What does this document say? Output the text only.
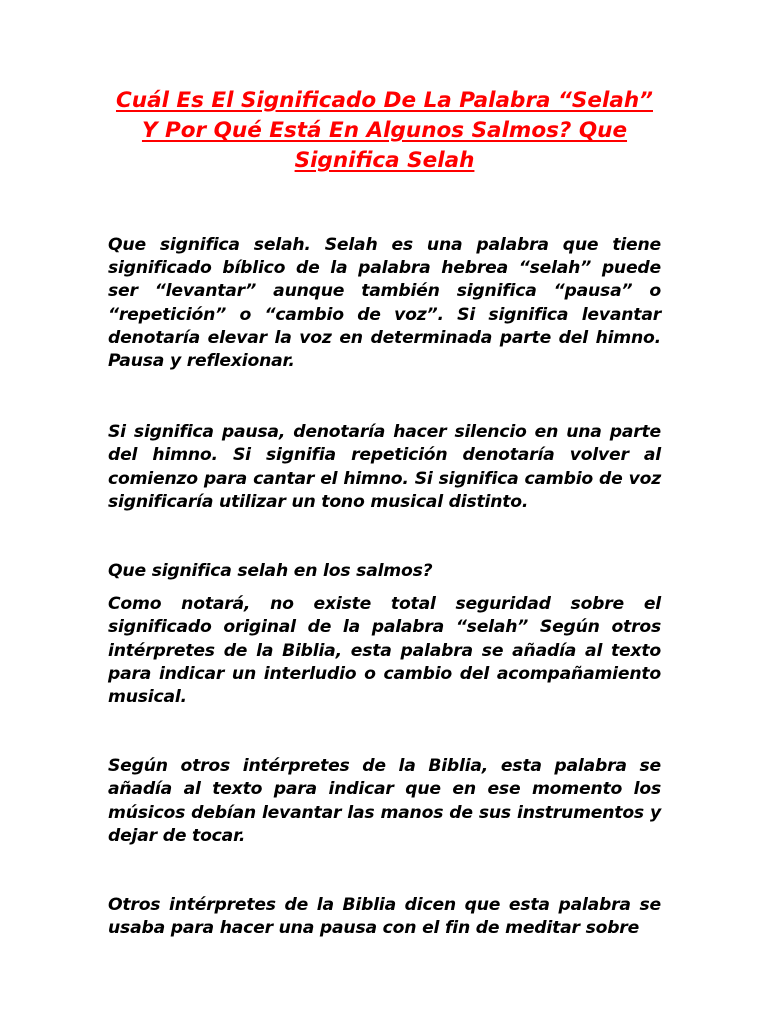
Cuál Es El Significado De La Palabra “Selah” Y Por Qué Está En Algunos Salmos? Que Significa Selah

Que significa selah. Selah es una palabra que tiene significado bíblico de la palabra hebrea “selah” puede ser “levantar” aunque también significa “pausa” o “repetición” o “cambio de voz”. Si significa levantar denotaría elevar la voz en determinada parte del himno. Pausa y reflexionar.

Si significa pausa, denotaría hacer silencio en una parte del himno. Si signifia repetición denotaría volver al comienzo para cantar el himno. Si significa cambio de voz significaría utilizar un tono musical distinto.

Que significa selah en los salmos?

Como notará, no existe total seguridad sobre el significado original de la palabra “selah” Según otros intérpretes de la Biblia, esta palabra se añadía al texto para indicar un interludio o cambio del acompañamiento musical.

Según otros intérpretes de la Biblia, esta palabra se añadía al texto para indicar que en ese momento los músicos debían levantar las manos de sus instrumentos y dejar de tocar.

Otros intérpretes de la Biblia dicen que esta palabra se usaba para hacer una pausa con el fin de meditar sobre
